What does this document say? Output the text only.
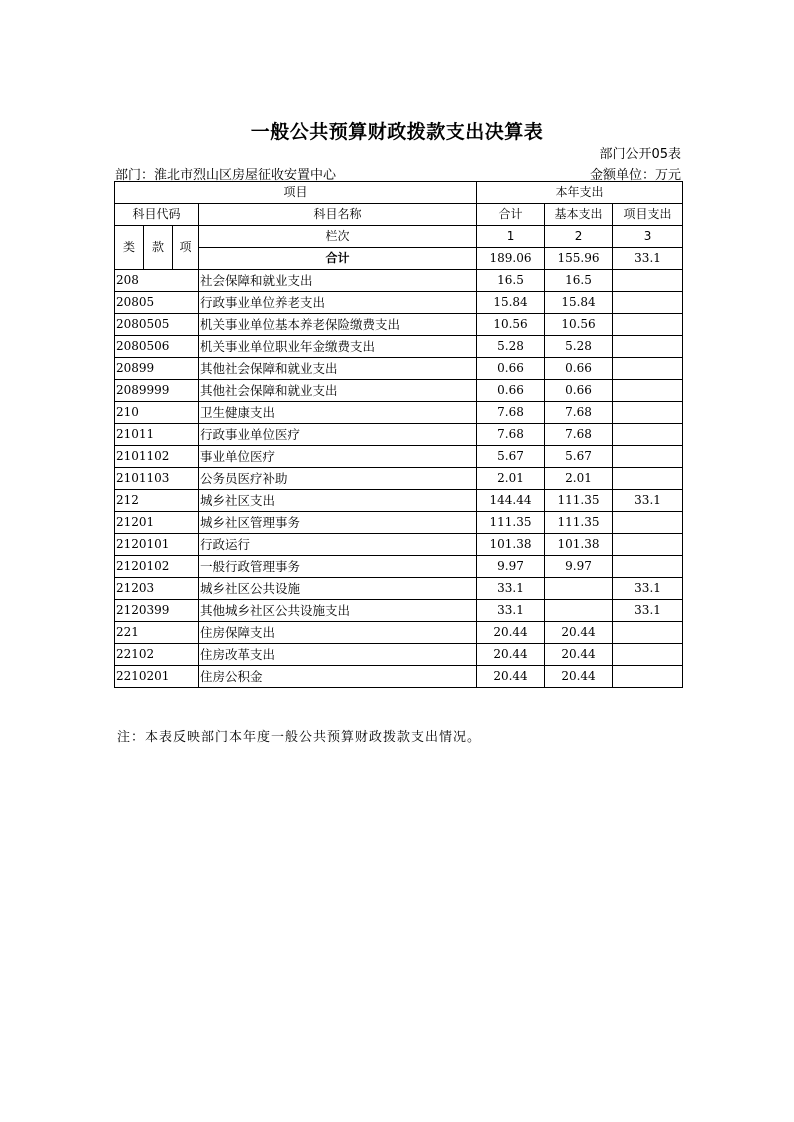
一般公共预算财政拨款支出决算表
部门公开05表
部门：淮北市烈山区房屋征收安置中心	金额单位：万元
项目				本年支出		
科目代码			科目名称	合计	基本支出	项目支出
类	款	项	栏次	1	2	3
			合计	189.06	155.96	33.1
208			社会保障和就业支出	16.5	16.5	
20805			行政事业单位养老支出	15.84	15.84	
2080505			机关事业单位基本养老保险缴费支出	10.56	10.56	
2080506			机关事业单位职业年金缴费支出	5.28	5.28	
20899			其他社会保障和就业支出	0.66	0.66	
2089999			其他社会保障和就业支出	0.66	0.66	
210			卫生健康支出	7.68	7.68	
21011			行政事业单位医疗	7.68	7.68	
2101102			事业单位医疗	5.67	5.67	
2101103			公务员医疗补助	2.01	2.01	
212			城乡社区支出	144.44	111.35	33.1
21201			城乡社区管理事务	111.35	111.35	
2120101			行政运行	101.38	101.38	
2120102			一般行政管理事务	9.97	9.97	
21203			城乡社区公共设施	33.1		33.1
2120399			其他城乡社区公共设施支出	33.1		33.1
221			住房保障支出	20.44	20.44	
22102			住房改革支出	20.44	20.44	
2210201			住房公积金	20.44	20.44	
注：本表反映部门本年度一般公共预算财政拨款支出情况。
